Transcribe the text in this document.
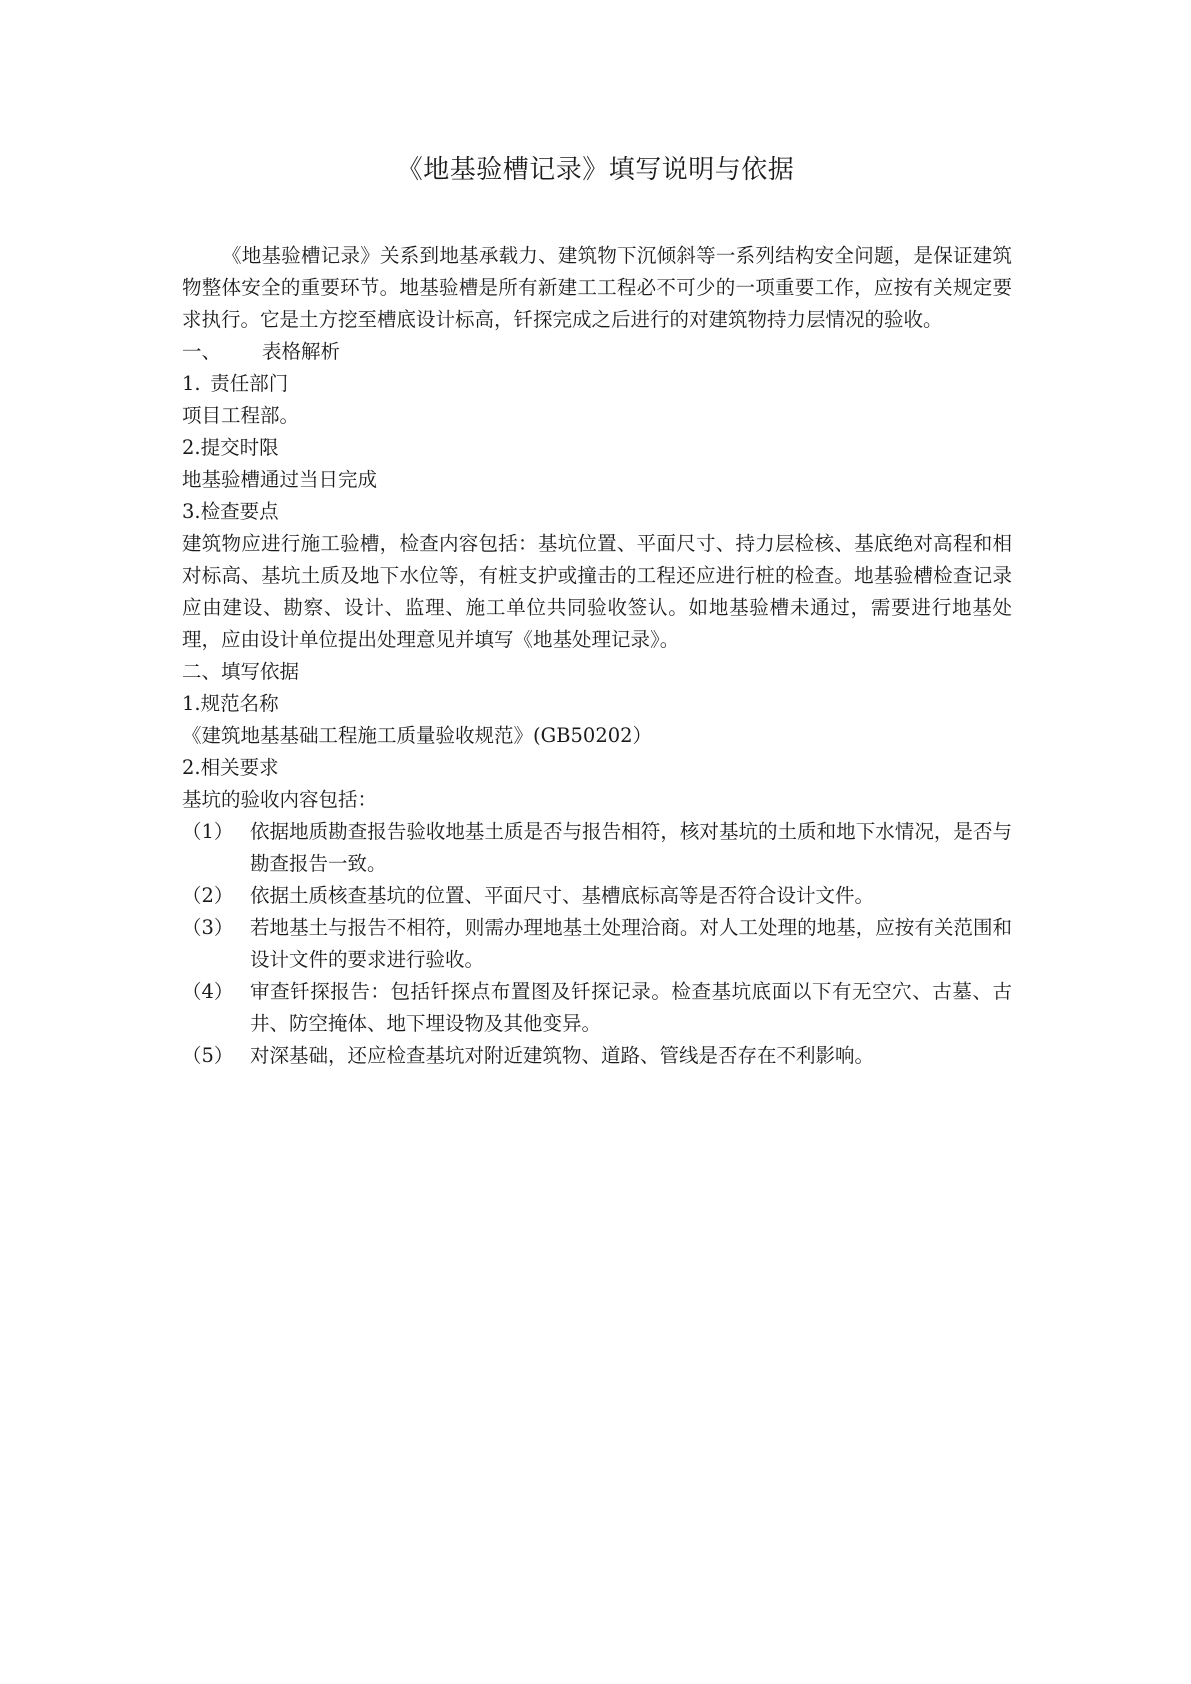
《地基验槽记录》填写说明与依据

《地基验槽记录》关系到地基承载力、建筑物下沉倾斜等一系列结构安全问题，是保证建筑物整体安全的重要环节。地基验槽是所有新建工工程必不可少的一项重要工作，应按有关规定要求执行。它是土方挖至槽底设计标高，钎探完成之后进行的对建筑物持力层情况的验收。

一、 表格解析

1. 责任部门

项目工程部。

2.提交时限

地基验槽通过当日完成

3.检查要点

建筑物应进行施工验槽，检查内容包括：基坑位置、平面尺寸、持力层检核、基底绝对高程和相对标高、基坑土质及地下水位等，有桩支护或撞击的工程还应进行桩的检查。地基验槽检查记录应由建设、勘察、设计、监理、施工单位共同验收签认。如地基验槽未通过，需要进行地基处理，应由设计单位提出处理意见并填写《地基处理记录》。

二、填写依据

1.规范名称

《建筑地基基础工程施工质量验收规范》(GB50202）

2.相关要求

基坑的验收内容包括：

（1） 依据地质勘查报告验收地基土质是否与报告相符，核对基坑的土质和地下水情况，是否与勘查报告一致。
（2） 依据土质核查基坑的位置、平面尺寸、基槽底标高等是否符合设计文件。
（3） 若地基土与报告不相符，则需办理地基土处理洽商。对人工处理的地基，应按有关范围和设计文件的要求进行验收。
（4） 审查钎探报告：包括钎探点布置图及钎探记录。检查基坑底面以下有无空穴、古墓、古井、防空掩体、地下埋设物及其他变异。
（5） 对深基础，还应检查基坑对附近建筑物、道路、管线是否存在不利影响。
